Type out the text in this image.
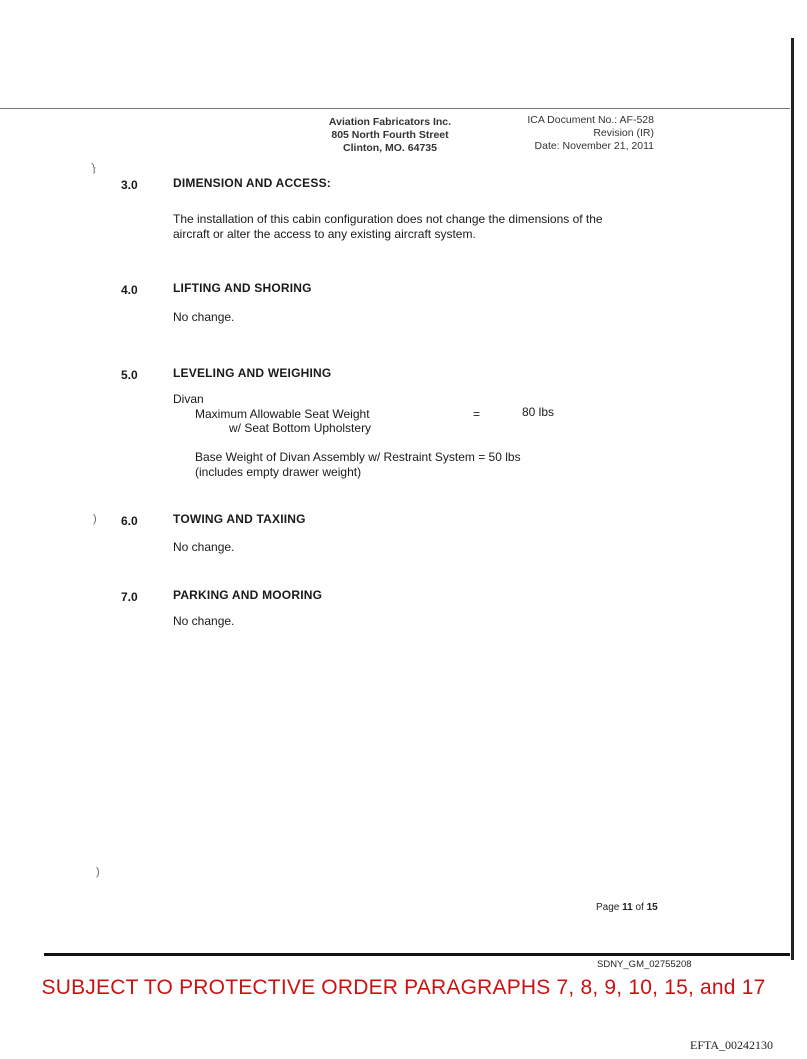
Aviation Fabricators Inc.
805 North Fourth Street
Clinton, MO. 64735
ICA Document No.: AF-528
Revision (IR)
Date: November 21, 2011
}
3.0	DIMENSION AND ACCESS:
The installation of this cabin configuration does not change the dimensions of the
aircraft or alter the access to any existing aircraft system.
4.0	LIFTING AND SHORING
No change.
5.0	LEVELING AND WEIGHING
Divan
Maximum Allowable Seat Weight	=	80 lbs
w/ Seat Bottom Upholstery
Base Weight of Divan Assembly w/ Restraint System = 50 lbs
(includes empty drawer weight)
) 6.0	TOWING AND TAXIING
No change.
7.0	PARKING AND MOORING
No change.
)
Page 11 of 15
SDNY_GM_02755208
SUBJECT TO PROTECTIVE ORDER PARAGRAPHS 7, 8, 9, 10, 15, and 17
EFTA_00242130
